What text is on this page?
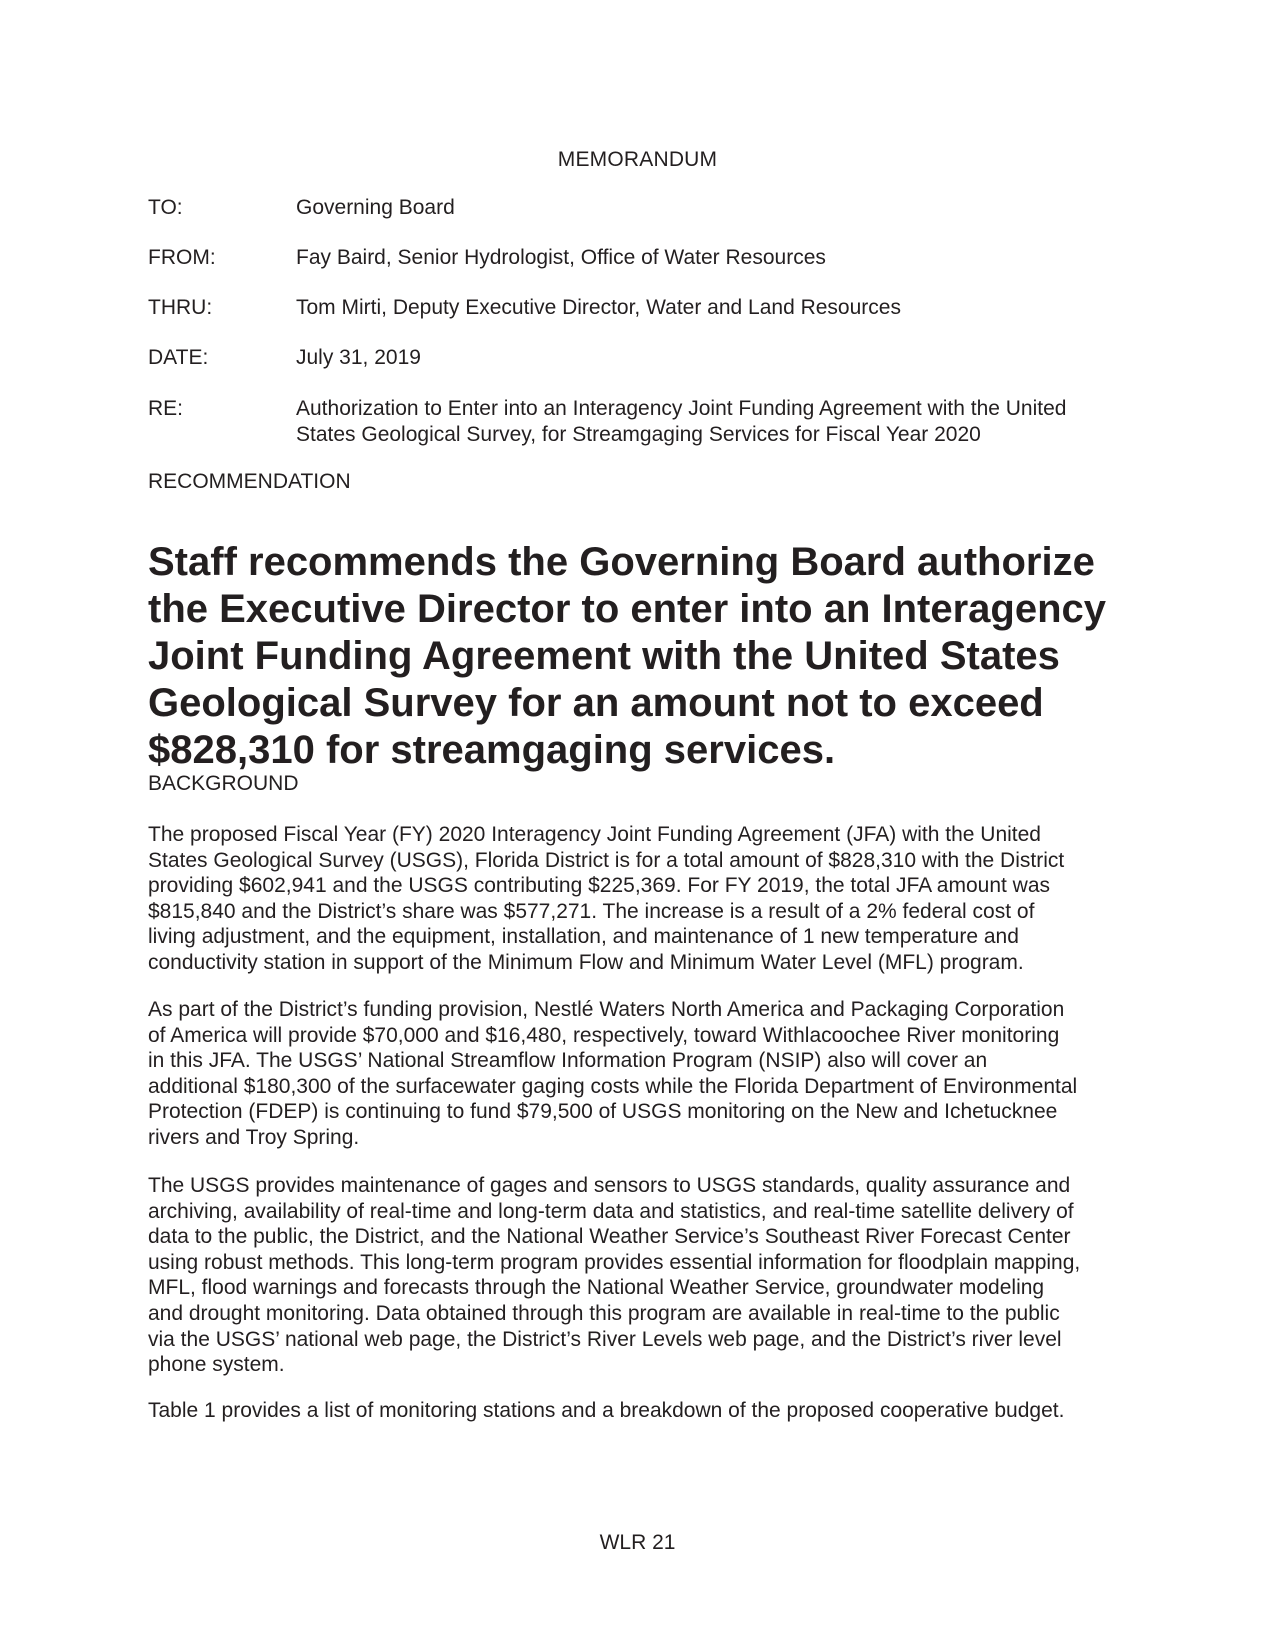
MEMORANDUM
TO:	Governing Board
FROM:	Fay Baird, Senior Hydrologist, Office of Water Resources
THRU:	Tom Mirti, Deputy Executive Director, Water and Land Resources
DATE:	July 31, 2019
RE:	Authorization to Enter into an Interagency Joint Funding Agreement with the United
States Geological Survey, for Streamgaging Services for Fiscal Year 2020
RECOMMENDATION
Staff recommends the Governing Board authorize
the Executive Director to enter into an Interagency
Joint Funding Agreement with the United States
Geological Survey for an amount not to exceed
$828,310 for streamgaging services.
BACKGROUND
The proposed Fiscal Year (FY) 2020 Interagency Joint Funding Agreement (JFA) with the United
States Geological Survey (USGS), Florida District is for a total amount of $828,310 with the District
providing $602,941 and the USGS contributing $225,369. For FY 2019, the total JFA amount was
$815,840 and the District’s share was $577,271. The increase is a result of a 2% federal cost of
living adjustment, and the equipment, installation, and maintenance of 1 new temperature and
conductivity station in support of the Minimum Flow and Minimum Water Level (MFL) program.
As part of the District’s funding provision, Nestlé Waters North America and Packaging Corporation
of America will provide $70,000 and $16,480, respectively, toward Withlacoochee River monitoring
in this JFA. The USGS’ National Streamflow Information Program (NSIP) also will cover an
additional $180,300 of the surfacewater gaging costs while the Florida Department of Environmental
Protection (FDEP) is continuing to fund $79,500 of USGS monitoring on the New and Ichetucknee
rivers and Troy Spring.
The USGS provides maintenance of gages and sensors to USGS standards, quality assurance and
archiving, availability of real-time and long-term data and statistics, and real-time satellite delivery of
data to the public, the District, and the National Weather Service’s Southeast River Forecast Center
using robust methods. This long-term program provides essential information for floodplain mapping,
MFL, flood warnings and forecasts through the National Weather Service, groundwater modeling
and drought monitoring. Data obtained through this program are available in real-time to the public
via the USGS’ national web page, the District’s River Levels web page, and the District’s river level
phone system.
Table 1 provides a list of monitoring stations and a breakdown of the proposed cooperative budget.
WLR 21
